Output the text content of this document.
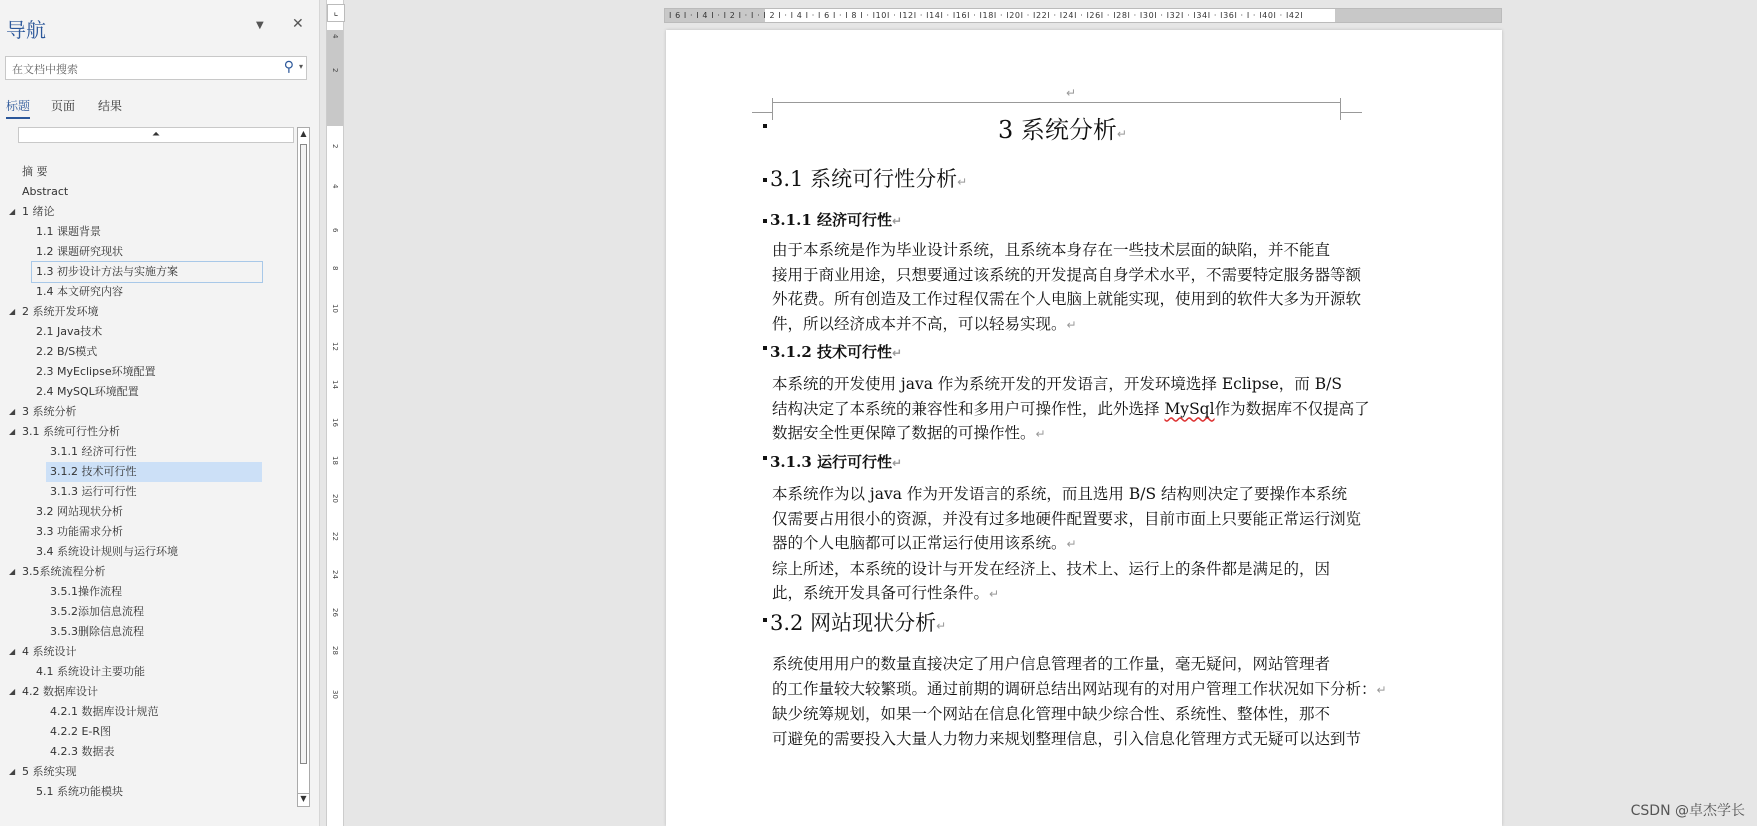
导航	▼ ✕
在文档中搜索	⚲ ▾
标题 页面 结果
⏶	▲
▼
摘 要
Abstract
◢ 1 绪论
1.1 课题背景
1.2 课题研究现状
1.3 初步设计方法与实施方案
1.4 本文研究内容
◢ 2 系统开发环境
2.1 Java技术
2.2 B/S模式
2.3 MyEclipse环境配置
2.4 MySQL环境配置
◢ 3 系统分析
◢ 3.1 系统可行性分析
3.1.1 经济可行性
3.1.2 技术可行性
3.1.3 运行可行性
3.2 网站现状分析
3.3 功能需求分析
3.4 系统设计规则与运行环境
◢ 3.5系统流程分析
3.5.1操作流程
3.5.2添加信息流程
3.5.3删除信息流程
◢ 4 系统设计
4.1 系统设计主要功能
◢ 4.2 数据库设计
4.2.1 数据库设计规范
4.2.2 E-R图
4.2.3 数据表
◢ 5 系统实现
5.1 系统功能模块
⌞
4
2
2
4
6
8
10
12
14
16
18
20
22
24
26
28
30
I 6 I · I 4 I · I 2 I · I · I 2 I · I 4 I · I 6 I · I 8 I · I10I · I12I · I14I · I16I · I18I · I20I · I22I · I24I · I26I · I28I · I30I · I32I · I34I · I36I · I · I40I · I42I
↵
3 系统分析↵
3.1 系统可行性分析↵
3.1.1 经济可行性↵
由于本系统是作为毕业设计系统，且系统本身存在一些技术层面的缺陷，并不能直
接用于商业用途，只想要通过该系统的开发提高自身学术水平，不需要特定服务器等额
外花费。所有创造及工作过程仅需在个人电脑上就能实现，使用到的软件大多为开源软
件，所以经济成本并不高，可以轻易实现。↵
3.1.2 技术可行性↵
本系统的开发使用 java 作为系统开发的开发语言，开发环境选择 Eclipse，而 B/S
结构决定了本系统的兼容性和多用户可操作性，此外选择 MySql作为数据库不仅提高了
数据安全性更保障了数据的可操作性。↵
3.1.3 运行可行性↵
本系统作为以 java 作为开发语言的系统，而且选用 B/S 结构则决定了要操作本系统
仅需要占用很小的资源，并没有过多地硬件配置要求，目前市面上只要能正常运行浏览
器的个人电脑都可以正常运行使用该系统。↵
综上所述，本系统的设计与开发在经济上、技术上、运行上的条件都是满足的，因
此，系统开发具备可行性条件。↵
3.2 网站现状分析↵
系统使用用户的数量直接决定了用户信息管理者的工作量，毫无疑问，网站管理者
的工作量较大较繁琐。通过前期的调研总结出网站现有的对用户管理工作状况如下分析：↵
缺少统筹规划，如果一个网站在信息化管理中缺少综合性、系统性、整体性，那不
可避免的需要投入大量人力物力来规划整理信息，引入信息化管理方式无疑可以达到节
CSDN @卓杰学长
